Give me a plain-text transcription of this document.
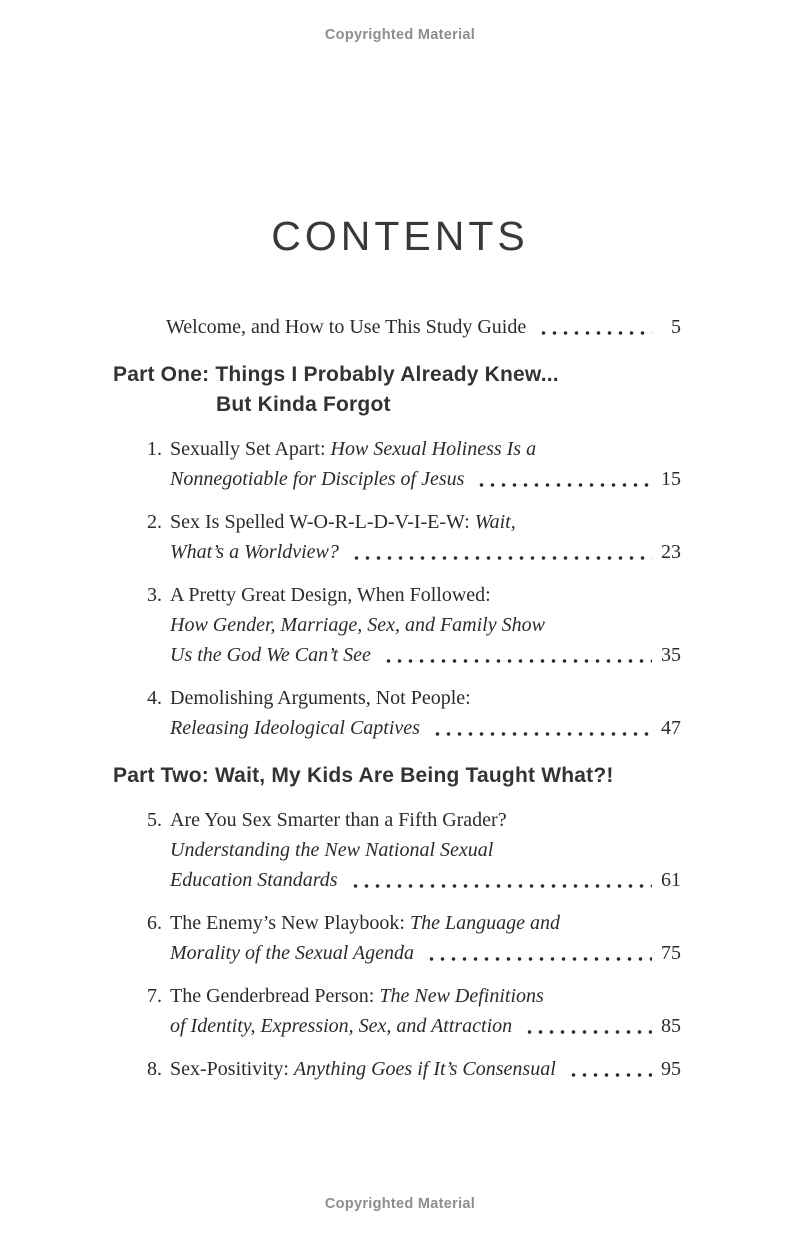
Copyrighted Material
CONTENTS
Welcome, and How to Use This Study Guide	5
Part One: Things I Probably Already Knew...
But Kinda Forgot
1. Sexually Set Apart: How Sexual Holiness Is a
Nonnegotiable for Disciples of Jesus	15
2. Sex Is Spelled W-O-R-L-D-V-I-E-W: Wait,
What’s a Worldview?	23
3. A Pretty Great Design, When Followed:
How Gender, Marriage, Sex, and Family Show
Us the God We Can’t See	35
4. Demolishing Arguments, Not People:
Releasing Ideological Captives	47
Part Two: Wait, My Kids Are Being Taught What?!
5. Are You Sex Smarter than a Fifth Grader?
Understanding the New National Sexual
Education Standards	61
6. The Enemy’s New Playbook: The Language and
Morality of the Sexual Agenda	75
7. The Genderbread Person: The New Definitions
of Identity, Expression, Sex, and Attraction	85
8. Sex-Positivity: Anything Goes if It’s Consensual	95
Copyrighted Material
